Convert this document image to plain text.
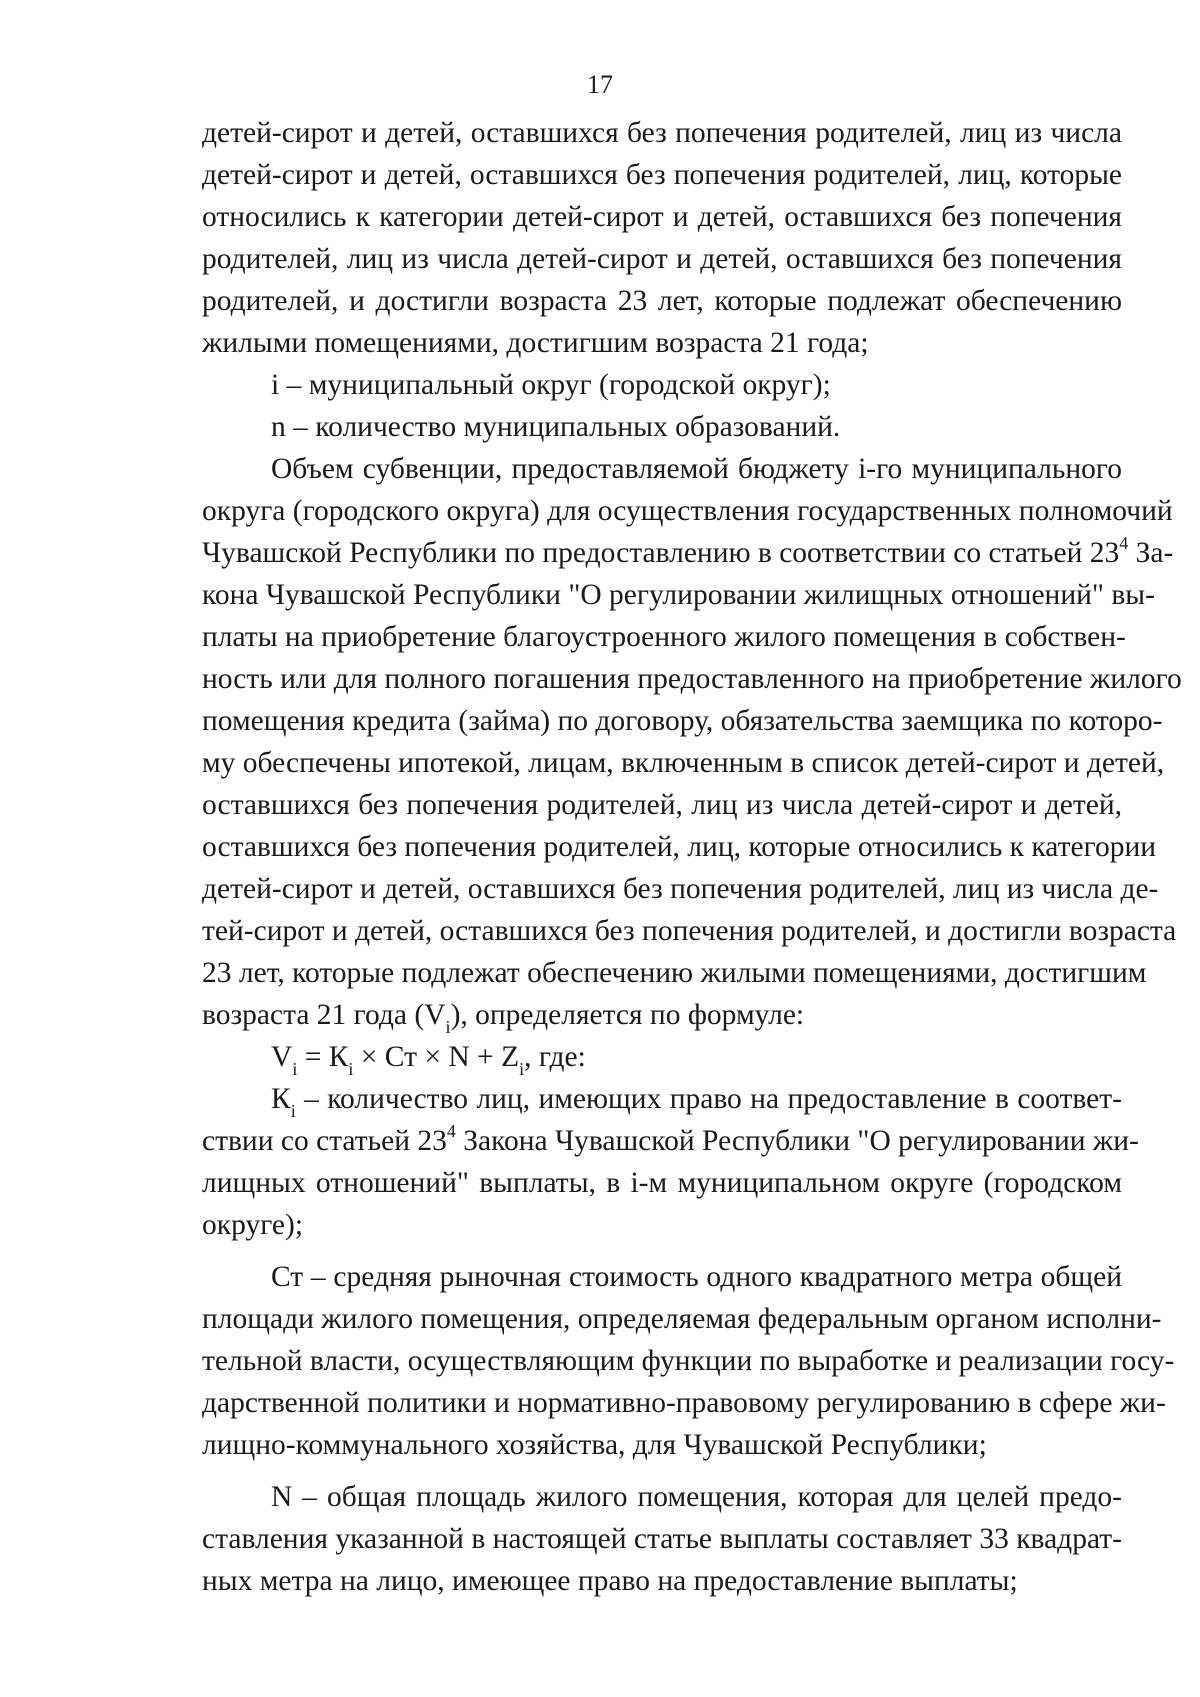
17
детей-сирот и детей, оставшихся без попечения родителей, лиц из числа
детей-сирот и детей, оставшихся без попечения родителей, лиц, которые
относились к категории детей-сирот и детей, оставшихся без попечения
родителей, лиц из числа детей-сирот и детей, оставшихся без попечения
родителей, и достигли возраста 23 лет, которые подлежат обеспечению
жилыми помещениями, достигшим возраста 21 года;
i – муниципальный округ (городской округ);
n – количество муниципальных образований.
Объем субвенции, предоставляемой бюджету i-го муниципального
округа (городского округа) для осуществления государственных полномочий
Чувашской Республики по предоставлению в соответствии со статьей $23^4$ За-
кона Чувашской Республики "О регулировании жилищных отношений" вы-
платы на приобретение благоустроенного жилого помещения в собствен-
ность или для полного погашения предоставленного на приобретение жилого
помещения кредита (займа) по договору, обязательства заемщика по которо-
му обеспечены ипотекой, лицам, включенным в список детей-сирот и детей,
оставшихся без попечения родителей, лиц из числа детей-сирот и детей,
оставшихся без попечения родителей, лиц, которые относились к категории
детей-сирот и детей, оставшихся без попечения родителей, лиц из числа де-
тей-сирот и детей, оставшихся без попечения родителей, и достигли возраста
23 лет, которые подлежат обеспечению жилыми помещениями, достигшим
возраста 21 года $(V_i)$, определяется по формуле:
$V_i = К_i$ × Ст × $N + Z_i$, где:
$К_i$ – количество лиц, имеющих право на предоставление в соответ-
ствии со статьей $23^4$ Закона Чувашской Республики "О регулировании жи-
лищных отношений" выплаты, в i-м муниципальном округе (городском
округе);
Ст – средняя рыночная стоимость одного квадратного метра общей
площади жилого помещения, определяемая федеральным органом исполни-
тельной власти, осуществляющим функции по выработке и реализации госу-
дарственной политики и нормативно-правовому регулированию в сфере жи-
лищно-коммунального хозяйства, для Чувашской Республики;
N – общая площадь жилого помещения, которая для целей предо-
ставления указанной в настоящей статье выплаты составляет 33 квадрат-
ных метра на лицо, имеющее право на предоставление выплаты;
